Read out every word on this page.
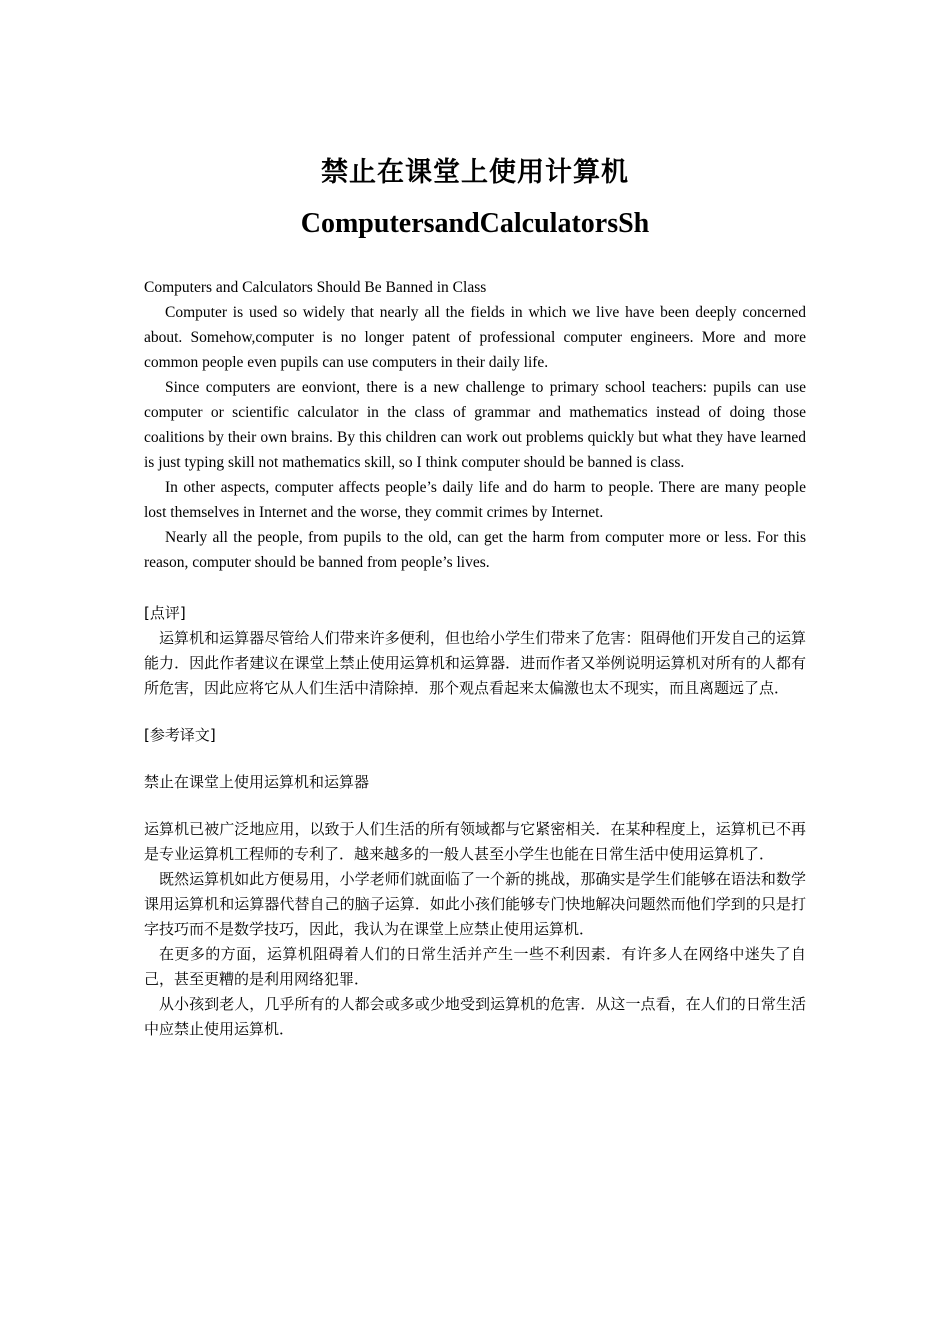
禁止在课堂上使用计算机
ComputersandCalculatorsSh

Computers and Calculators Should Be Banned in Class

Computer is used so widely that nearly all the fields in which we live have been deeply concerned about. Somehow,computer is no longer patent of professional computer engineers. More and more common people even pupils can use computers in their daily life.

Since computers are eonviont, there is a new challenge to primary school teachers: pupils can use computer or scientific calculator in the class of grammar and mathematics instead of doing those coalitions by their own brains. By this children can work out problems quickly but what they have learned is just typing skill not mathematics skill, so I think computer should be banned is class.

In other aspects, computer affects people’s daily life and do harm to people. There are many people lost themselves in Internet and the worse, they commit crimes by Internet.

Nearly all the people, from pupils to the old, can get the harm from computer more or less. For this reason, computer should be banned from people’s lives.

[点评]

运算机和运算器尽管给人们带来许多便利，但也给小学生们带来了危害：阻碍他们开发自己的运算能力．因此作者建议在课堂上禁止使用运算机和运算器．进而作者又举例说明运算机对所有的人都有所危害，因此应将它从人们生活中清除掉．那个观点看起来太偏激也太不现实，而且离题远了点．

[参考译文]

禁止在课堂上使用运算机和运算器

运算机已被广泛地应用，以致于人们生活的所有领域都与它紧密相关．在某种程度上，运算机已不再是专业运算机工程师的专利了．越来越多的一般人甚至小学生也能在日常生活中使用运算机了．

既然运算机如此方便易用，小学老师们就面临了一个新的挑战，那确实是学生们能够在语法和数学课用运算机和运算器代替自己的脑子运算．如此小孩们能够专门快地解决问题然而他们学到的只是打字技巧而不是数学技巧，因此，我认为在课堂上应禁止使用运算机．

在更多的方面，运算机阻碍着人们的日常生活并产生一些不利因素．有许多人在网络中迷失了自己，甚至更糟的是利用网络犯罪．

从小孩到老人，几乎所有的人都会或多或少地受到运算机的危害．从这一点看，在人们的日常生活中应禁止使用运算机．
